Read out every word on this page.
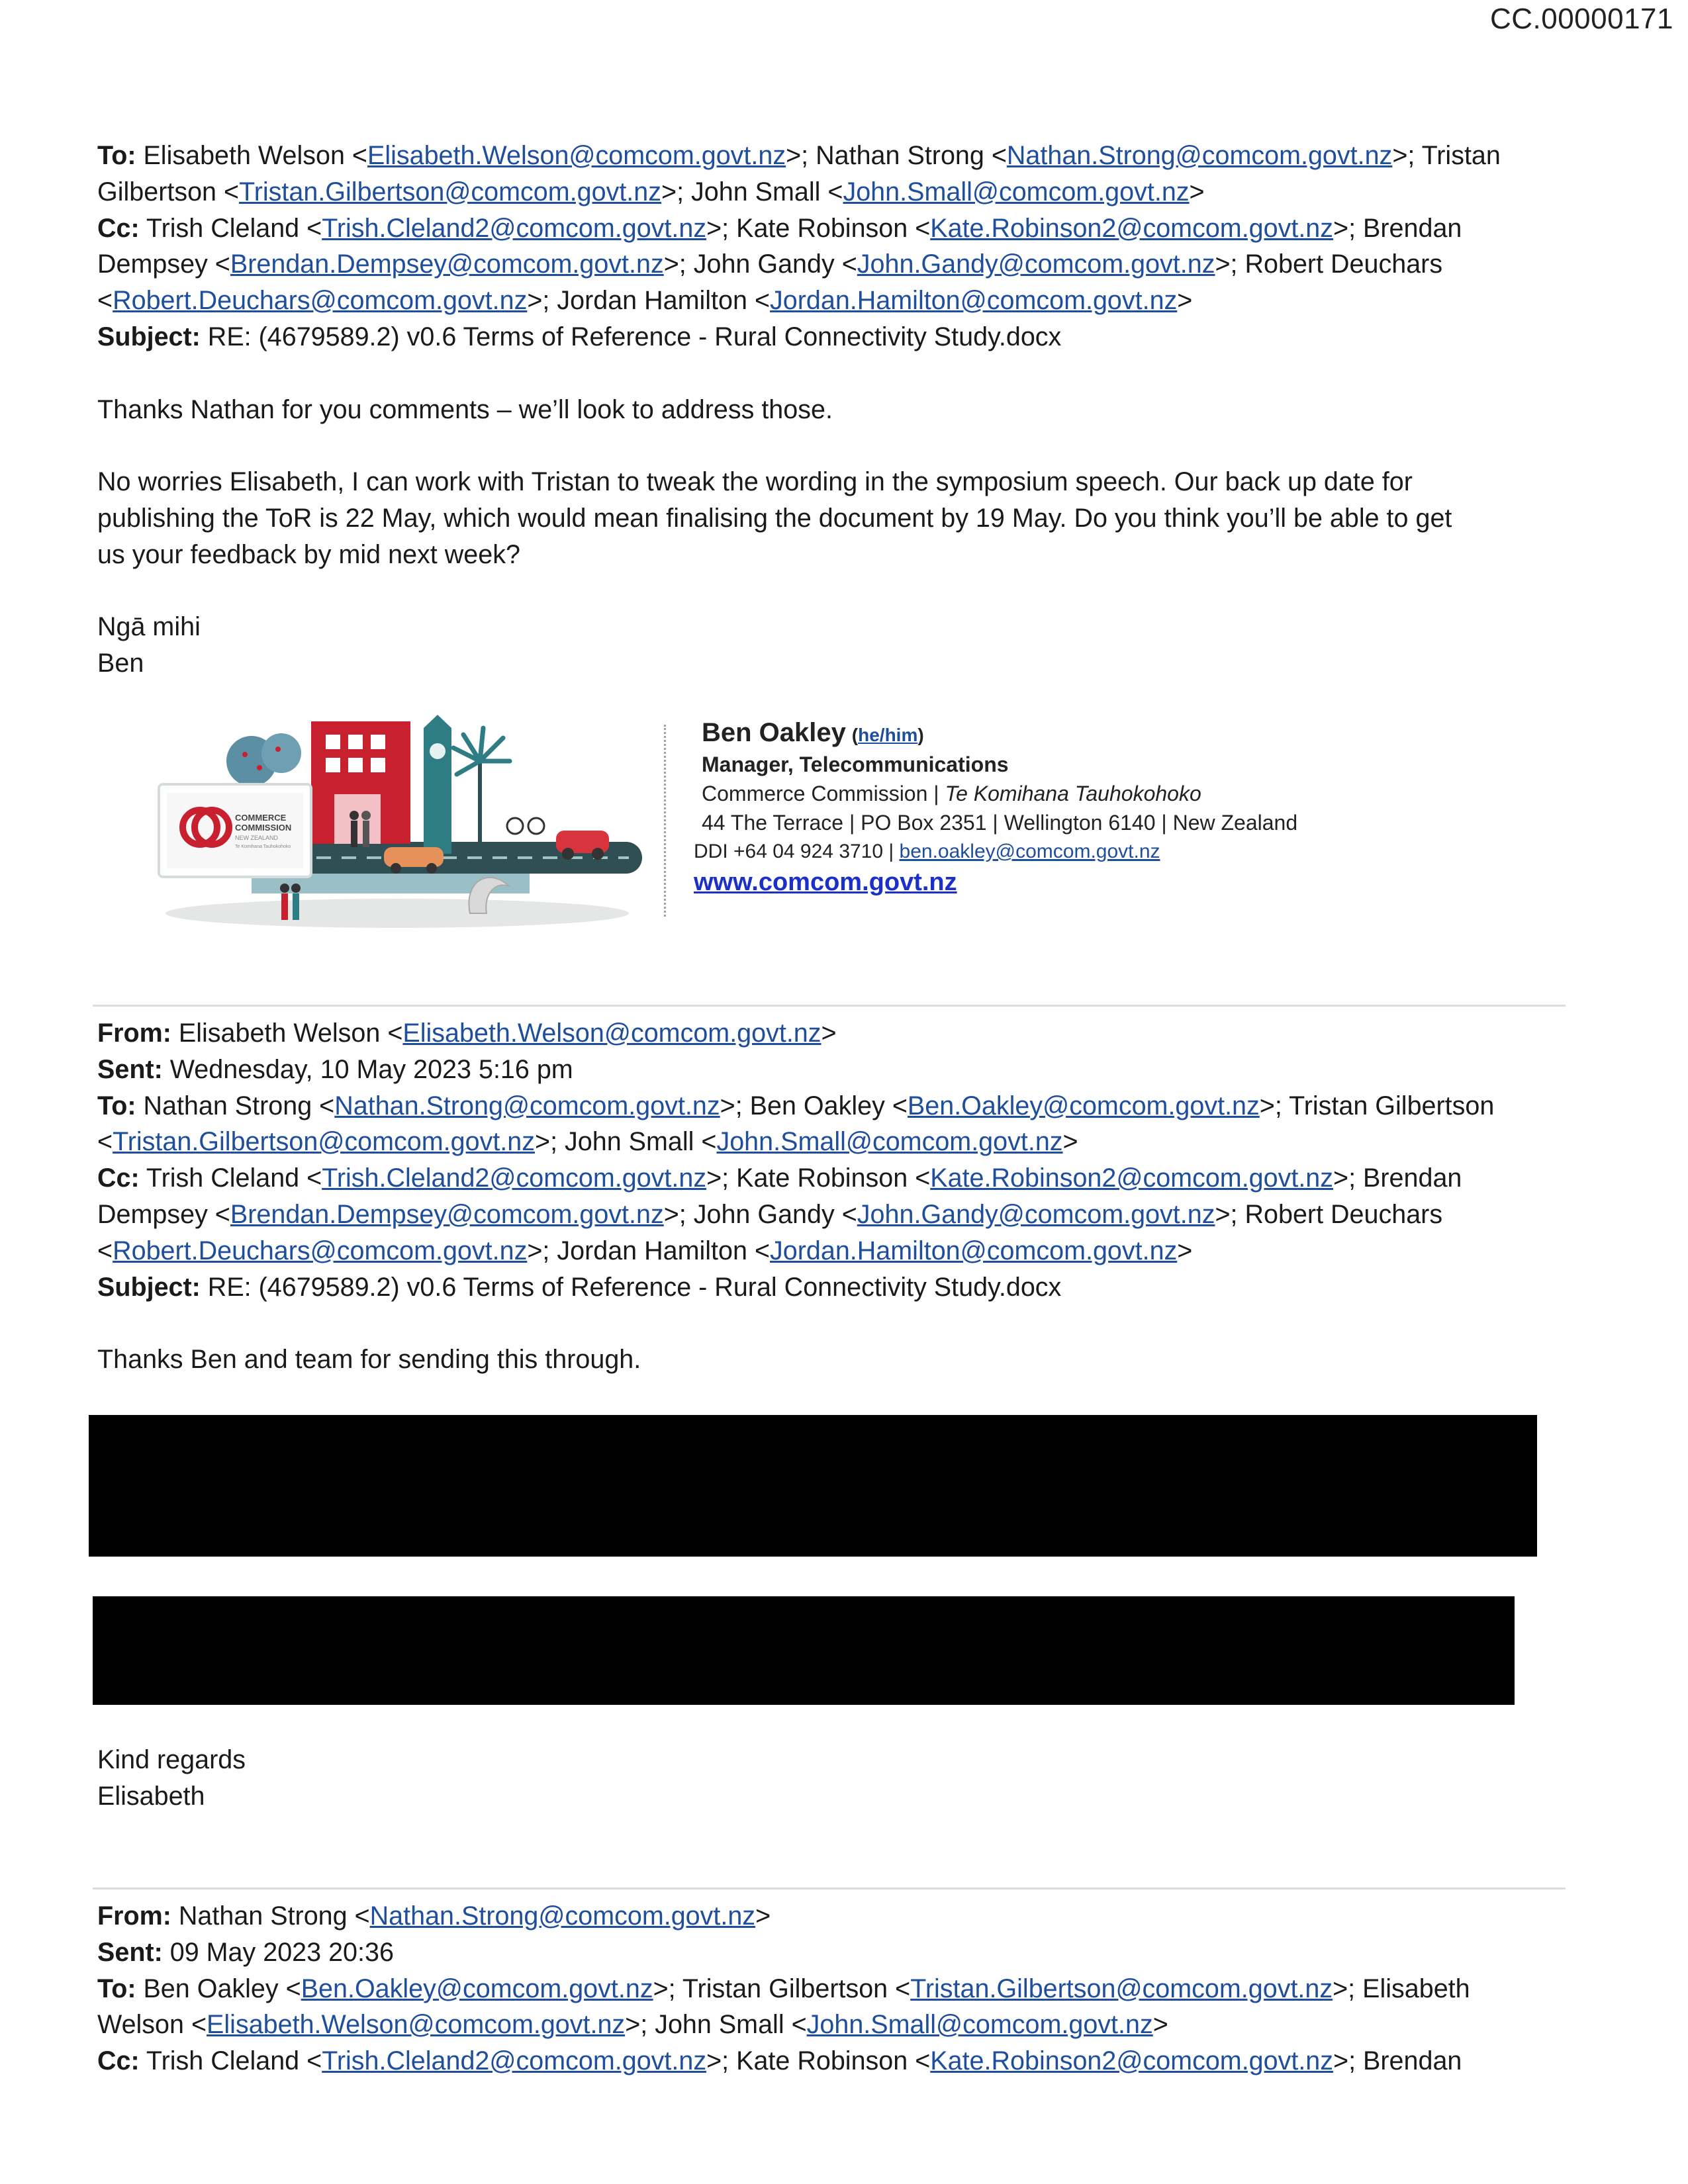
CC.00000171
To: Elisabeth Welson <Elisabeth.Welson@comcom.govt.nz>; Nathan Strong <Nathan.Strong@comcom.govt.nz>; Tristan
Gilbertson <Tristan.Gilbertson@comcom.govt.nz>; John Small <John.Small@comcom.govt.nz>
Cc: Trish Cleland <Trish.Cleland2@comcom.govt.nz>; Kate Robinson <Kate.Robinson2@comcom.govt.nz>; Brendan
Dempsey <Brendan.Dempsey@comcom.govt.nz>; John Gandy <John.Gandy@comcom.govt.nz>; Robert Deuchars
<Robert.Deuchars@comcom.govt.nz>; Jordan Hamilton <Jordan.Hamilton@comcom.govt.nz>
Subject: RE: (4679589.2) v0.6 Terms of Reference - Rural Connectivity Study.docx

Thanks Nathan for you comments – we’ll look to address those.

No worries Elisabeth, I can work with Tristan to tweak the wording in the symposium speech. Our back up date for

publishing the ToR is 22 May, which would mean finalising the document by 19 May. Do you think you’ll be able to get

us your feedback by mid next week?

Ngā mihi

Ben

COMMERCE
COMMISSION
NEW ZEALAND
Te Komihana Tauhokohoko
Ben Oakley (he/him)
Manager, Telecommunications
Commerce Commission | Te Komihana Tauhokohoko
44 The Terrace | PO Box 2351 | Wellington 6140 | New Zealand
DDI +64 04 924 3710 | ben.oakley@comcom.govt.nz
www.comcom.govt.nz
From: Elisabeth Welson <Elisabeth.Welson@comcom.govt.nz>
Sent: Wednesday, 10 May 2023 5:16 pm
To: Nathan Strong <Nathan.Strong@comcom.govt.nz>; Ben Oakley <Ben.Oakley@comcom.govt.nz>; Tristan Gilbertson
<Tristan.Gilbertson@comcom.govt.nz>; John Small <John.Small@comcom.govt.nz>
Cc: Trish Cleland <Trish.Cleland2@comcom.govt.nz>; Kate Robinson <Kate.Robinson2@comcom.govt.nz>; Brendan
Dempsey <Brendan.Dempsey@comcom.govt.nz>; John Gandy <John.Gandy@comcom.govt.nz>; Robert Deuchars
<Robert.Deuchars@comcom.govt.nz>; Jordan Hamilton <Jordan.Hamilton@comcom.govt.nz>
Subject: RE: (4679589.2) v0.6 Terms of Reference - Rural Connectivity Study.docx

Thanks Ben and team for sending this through.

Kind regards

Elisabeth

From: Nathan Strong <Nathan.Strong@comcom.govt.nz>
Sent: 09 May 2023 20:36
To: Ben Oakley <Ben.Oakley@comcom.govt.nz>; Tristan Gilbertson <Tristan.Gilbertson@comcom.govt.nz>; Elisabeth
Welson <Elisabeth.Welson@comcom.govt.nz>; John Small <John.Small@comcom.govt.nz>
Cc: Trish Cleland <Trish.Cleland2@comcom.govt.nz>; Kate Robinson <Kate.Robinson2@comcom.govt.nz>; Brendan
